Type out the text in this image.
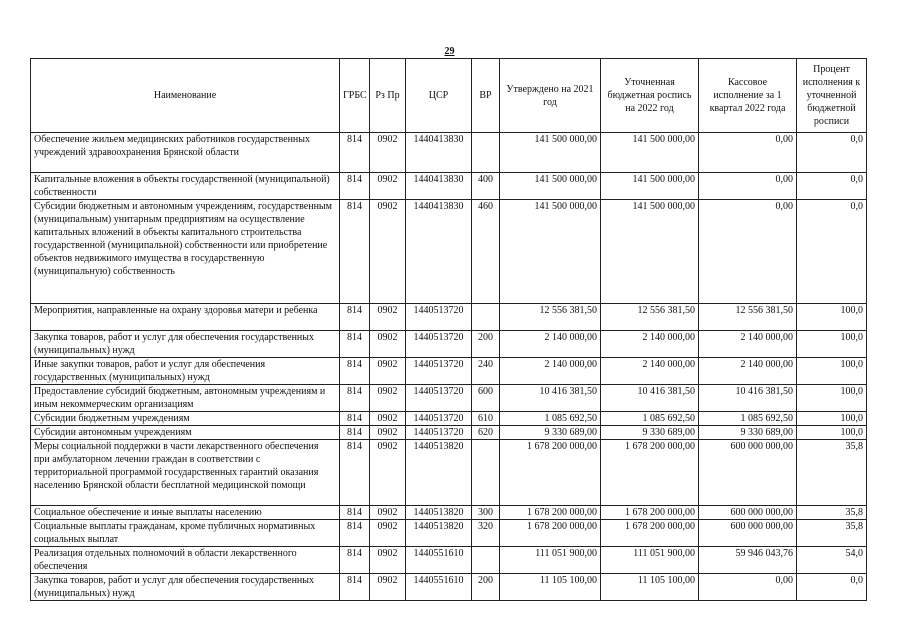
29
Наименование	ГРБС	Рз Пр	ЦСР	ВР	Утверждено на 2021 год	Уточненная бюджетная роспись на 2022 год	Кассовое исполнение за 1 квартал 2022 года	Процент исполнения к уточненной бюджетной росписи
Обеспечение жильем медицинских работников государственных учреждений здравоохранения Брянской области	814	0902	1440413830		141 500 000,00	141 500 000,00	0,00	0,0
Капитальные вложения в объекты государственной (муниципальной) собственности	814	0902	1440413830	400	141 500 000,00	141 500 000,00	0,00	0,0
Субсидии бюджетным и автономным учреждениям, государственным (муниципальным) унитарным предприятиям на осуществление капитальных вложений в объекты капитального строительства государственной (муниципальной) собственности или приобретение объектов недвижимого имущества в государственную (муниципальную) собственность	814	0902	1440413830	460	141 500 000,00	141 500 000,00	0,00	0,0
Мероприятия, направленные на охрану здоровья матери и ребенка	814	0902	1440513720		12 556 381,50	12 556 381,50	12 556 381,50	100,0
Закупка товаров, работ и услуг для обеспечения государственных (муниципальных) нужд	814	0902	1440513720	200	2 140 000,00	2 140 000,00	2 140 000,00	100,0
Иные закупки товаров, работ и услуг для обеспечения государственных (муниципальных) нужд	814	0902	1440513720	240	2 140 000,00	2 140 000,00	2 140 000,00	100,0
Предоставление субсидий бюджетным, автономным учреждениям и иным некоммерческим организациям	814	0902	1440513720	600	10 416 381,50	10 416 381,50	10 416 381,50	100,0
Субсидии бюджетным учреждениям	814	0902	1440513720	610	1 085 692,50	1 085 692,50	1 085 692,50	100,0
Субсидии автономным учреждениям	814	0902	1440513720	620	9 330 689,00	9 330 689,00	9 330 689,00	100,0
Меры социальной поддержки в части лекарственного обеспечения при амбулаторном лечении граждан в соответствии с территориальной программой государственных гарантий оказания населению Брянской области бесплатной медицинской помощи	814	0902	1440513820		1 678 200 000,00	1 678 200 000,00	600 000 000,00	35,8
Социальное обеспечение и иные выплаты населению	814	0902	1440513820	300	1 678 200 000,00	1 678 200 000,00	600 000 000,00	35,8
Социальные выплаты гражданам, кроме публичных нормативных социальных выплат	814	0902	1440513820	320	1 678 200 000,00	1 678 200 000,00	600 000 000,00	35,8
Реализация отдельных полномочий в области лекарственного обеспечения	814	0902	1440551610		111 051 900,00	111 051 900,00	59 946 043,76	54,0
Закупка товаров, работ и услуг для обеспечения государственных (муниципальных) нужд	814	0902	1440551610	200	11 105 100,00	11 105 100,00	0,00	0,0
